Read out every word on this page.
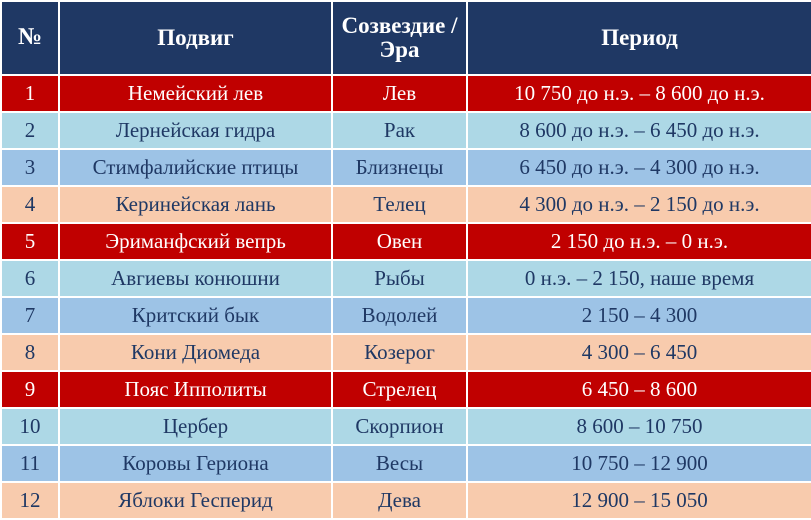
№	Подвиг	Созвездие / Эра	Период
1	Немейский лев	Лев	10 750 до н.э. – 8 600 до н.э.
2	Лернейская гидра	Рак	8 600 до н.э. – 6 450 до н.э.
3	Стимфалийские птицы	Близнецы	6 450 до н.э. – 4 300 до н.э.
4	Керинейская лань	Телец	4 300 до н.э. – 2 150 до н.э.
5	Эриманфский вепрь	Овен	2 150 до н.э. – 0 н.э.
6	Авгиевы конюшни	Рыбы	0 н.э. – 2 150, наше время
7	Критский бык	Водолей	2 150 – 4 300
8	Кони Диомеда	Козерог	4 300 – 6 450
9	Пояс Ипполиты	Стрелец	6 450 – 8 600
10	Цербер	Скорпион	8 600 – 10 750
11	Коровы Гериона	Весы	10 750 – 12 900
12	Яблоки Гесперид	Дева	12 900 – 15 050
